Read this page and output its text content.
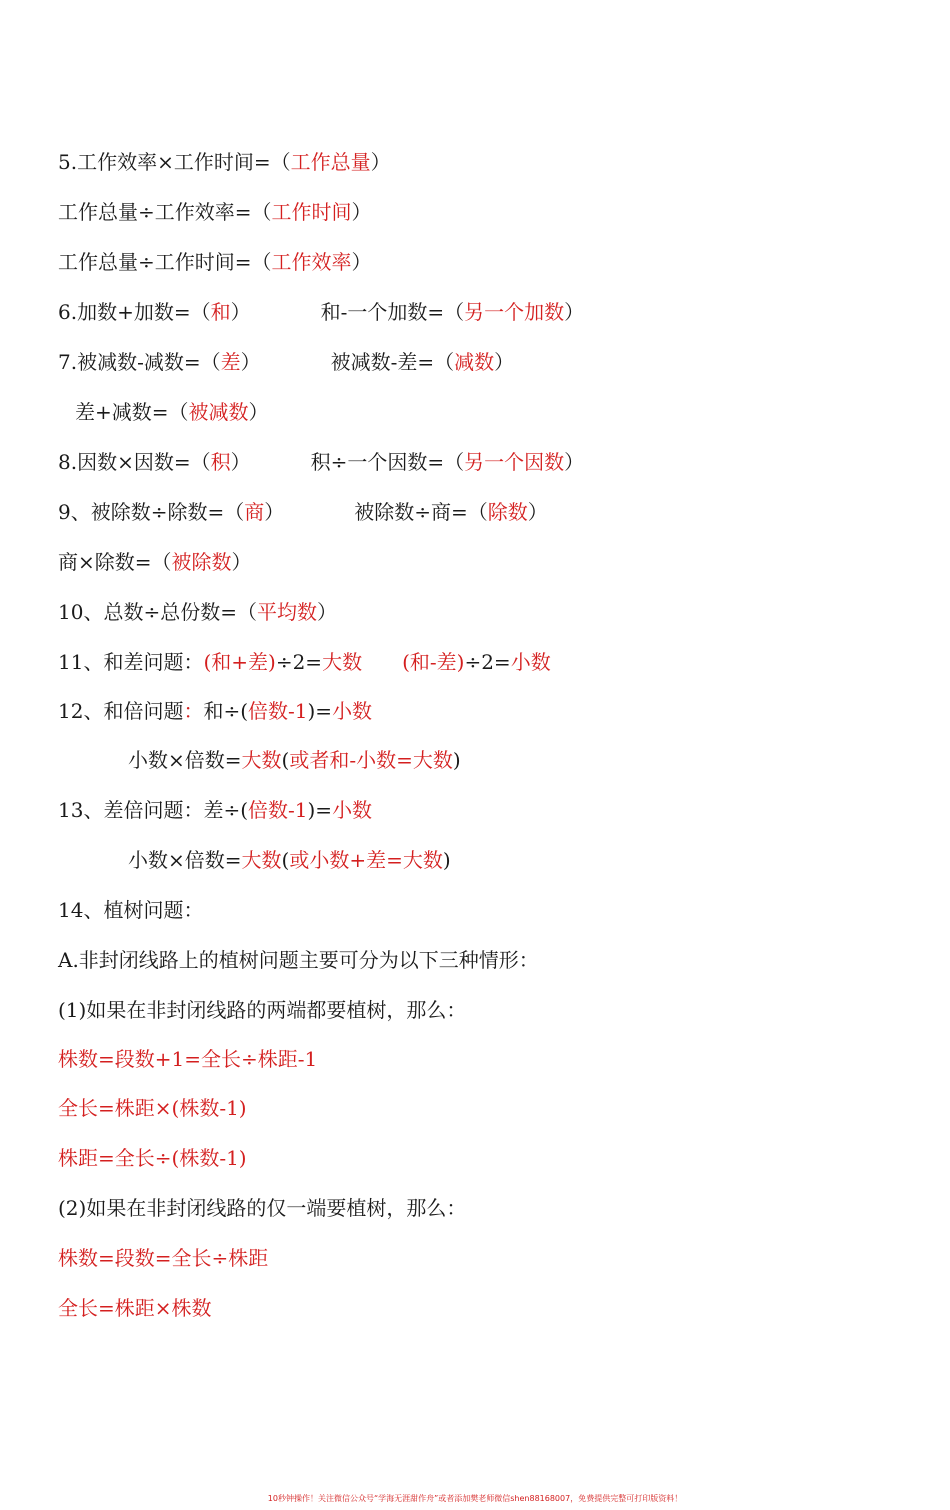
5.工作效率×工作时间=（工作总量）
工作总量÷工作效率=（工作时间）
工作总量÷工作时间=（工作效率）
6.加数+加数=（和）	和-一个加数=（另一个加数）
7.被减数-减数=（差）	被减数-差=（减数）
差+减数=（被减数）
8.因数×因数=（积）	积÷一个因数=（另一个因数）
9、被除数÷除数=（商）	被除数÷商=（除数）
商×除数=（被除数）
10、总数÷总份数=（平均数）
11、和差问题：(和+差)÷2=大数 (和-差)÷2=小数
12、和倍问题：和÷(倍数-1)=小数
小数×倍数=大数(或者和-小数=大数)
13、差倍问题：差÷(倍数-1)=小数
小数×倍数=大数(或小数+差=大数)
14、植树问题：
A.非封闭线路上的植树问题主要可分为以下三种情形：
(1)如果在非封闭线路的两端都要植树，那么：
株数=段数+1=全长÷株距-1
全长=株距×(株数-1)
株距=全长÷(株数-1)
(2)如果在非封闭线路的仅一端要植树，那么：
株数=段数=全长÷株距
全长=株距×株数
10秒钟操作！关注微信公众号“学海无涯甜作舟”或者添加樊老师微信shen88168007，免费提供完整可打印版资料！
